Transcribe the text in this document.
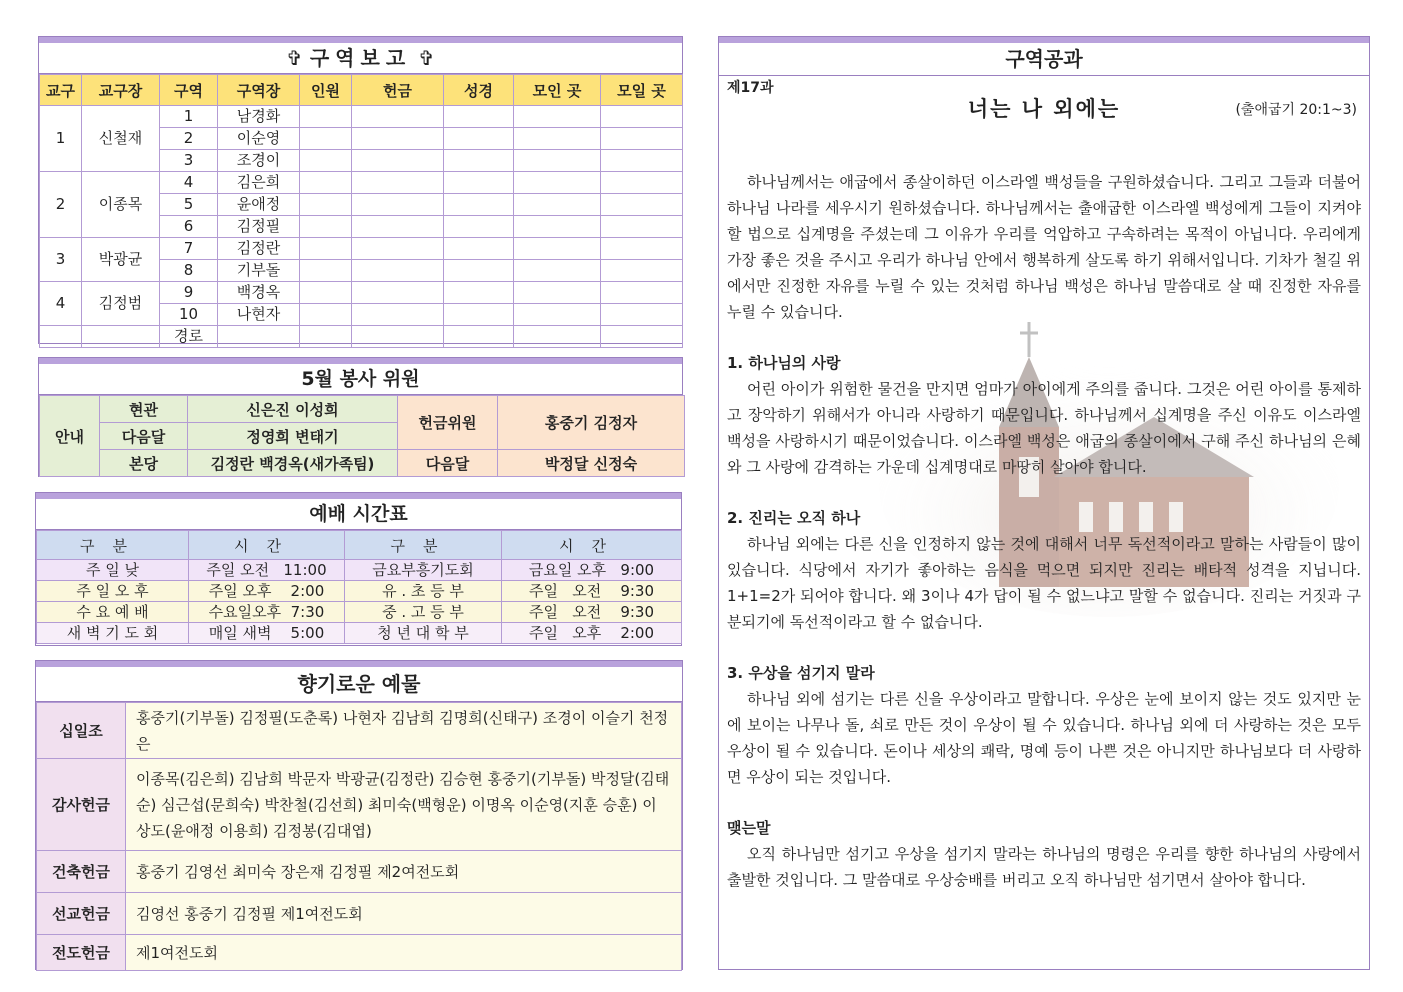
✞ 구역보고 ✞
교구	교구장	구역	구역장	인원	헌금	성경	모인 곳	모일 곳
1	신철재	1	남경화					
		2	이순영					
		3	조경이					
2	이종목	4	김은희					
		5	윤애정					
		6	김정필					
3	박광균	7	김정란					
		8	기부돌					
4	김정범	9	백경옥					
		10	나현자					
		경로						
5월 봉사 위원
안내	현관	신은진 이성희	헌금위원	홍중기 김정자
	다음달	정영희 변태기		
	본당	김정란 백경옥(새가족팀)	다음달	박정달 신정숙
예배 시간표
구분	시간	구분	시간
주 일 낮	주일 오전   11:00	금요부흥기도회	금요일 오후   9:00
주 일 오 후	주일 오후    2:00	유 . 초 등 부	주일   오전    9:30
수 요 예 배	수요일오후  7:30	중 . 고 등 부	주일   오전    9:30
새 벽 기 도 회	매일 새벽    5:00	청 년 대 학 부	주일   오후    2:00
향기로운 예물
십일조	홍중기(기부돌) 김정필(도춘록) 나현자 김남희 김명희(신태구) 조경이 이슬기 천정은
감사헌금	이종목(김은희) 김남희 박문자 박광균(김정란) 김승현 홍중기(기부돌) 박정달(김태순) 심근섭(문희숙) 박찬철(김선희) 최미숙(백형운) 이명옥 이순영(지훈 승훈) 이상도(윤애정 이용희) 김정봉(김대엽)
건축헌금	홍중기 김영선 최미숙 장은재 김정필 제2여전도회
선교헌금	김영선 홍중기 김정필 제1여전도회
전도헌금	제1여전도회
구역공과
제17과
너는 나 외에는	(출애굽기 20:1~3)

하나님께서는 애굽에서 종살이하던 이스라엘 백성들을 구원하셨습니다. 그리고 그들과 더불어 하나님 나라를 세우시기 원하셨습니다. 하나님께서는 출애굽한 이스라엘 백성에게 그들이 지켜야 할 법으로 십계명을 주셨는데 그 이유가 우리를 억압하고 구속하려는 목적이 아닙니다. 우리에게 가장 좋은 것을 주시고 우리가 하나님 안에서 행복하게 살도록 하기 위해서입니다. 기차가 철길 위에서만 진정한 자유를 누릴 수 있는 것처럼 하나님 백성은 하나님 말씀대로 살 때 진정한 자유를 누릴 수 있습니다.

1. 하나님의 사랑

어린 아이가 위험한 물건을 만지면 엄마가 아이에게 주의를 줍니다. 그것은 어린 아이를 통제하고 장악하기 위해서가 아니라 사랑하기 때문입니다. 하나님께서 십계명을 주신 이유도 이스라엘 백성을 사랑하시기 때문이었습니다. 이스라엘 백성은 애굽의 종살이에서 구해 주신 하나님의 은혜와 그 사랑에 감격하는 가운데 십계명대로 마땅히 살아야 합니다.

2. 진리는 오직 하나

하나님 외에는 다른 신을 인정하지 않는 것에 대해서 너무 독선적이라고 말하는 사람들이 많이 있습니다. 식당에서 자기가 좋아하는 음식을 먹으면 되지만 진리는 배타적 성격을 지닙니다. 1+1=2가 되어야 합니다. 왜 3이나 4가 답이 될 수 없느냐고 말할 수 없습니다. 진리는 거짓과 구분되기에 독선적이라고 할 수 없습니다.

3. 우상을 섬기지 말라

하나님 외에 섬기는 다른 신을 우상이라고 말합니다. 우상은 눈에 보이지 않는 것도 있지만 눈에 보이는 나무나 돌, 쇠로 만든 것이 우상이 될 수 있습니다. 하나님 외에 더 사랑하는 것은 모두 우상이 될 수 있습니다. 돈이나 세상의 쾌락, 명예 등이 나쁜 것은 아니지만 하나님보다 더 사랑하면 우상이 되는 것입니다.

맺는말

오직 하나님만 섬기고 우상을 섬기지 말라는 하나님의 명령은 우리를 향한 하나님의 사랑에서 출발한 것입니다. 그 말씀대로 우상숭배를 버리고 오직 하나님만 섬기면서 살아야 합니다.
